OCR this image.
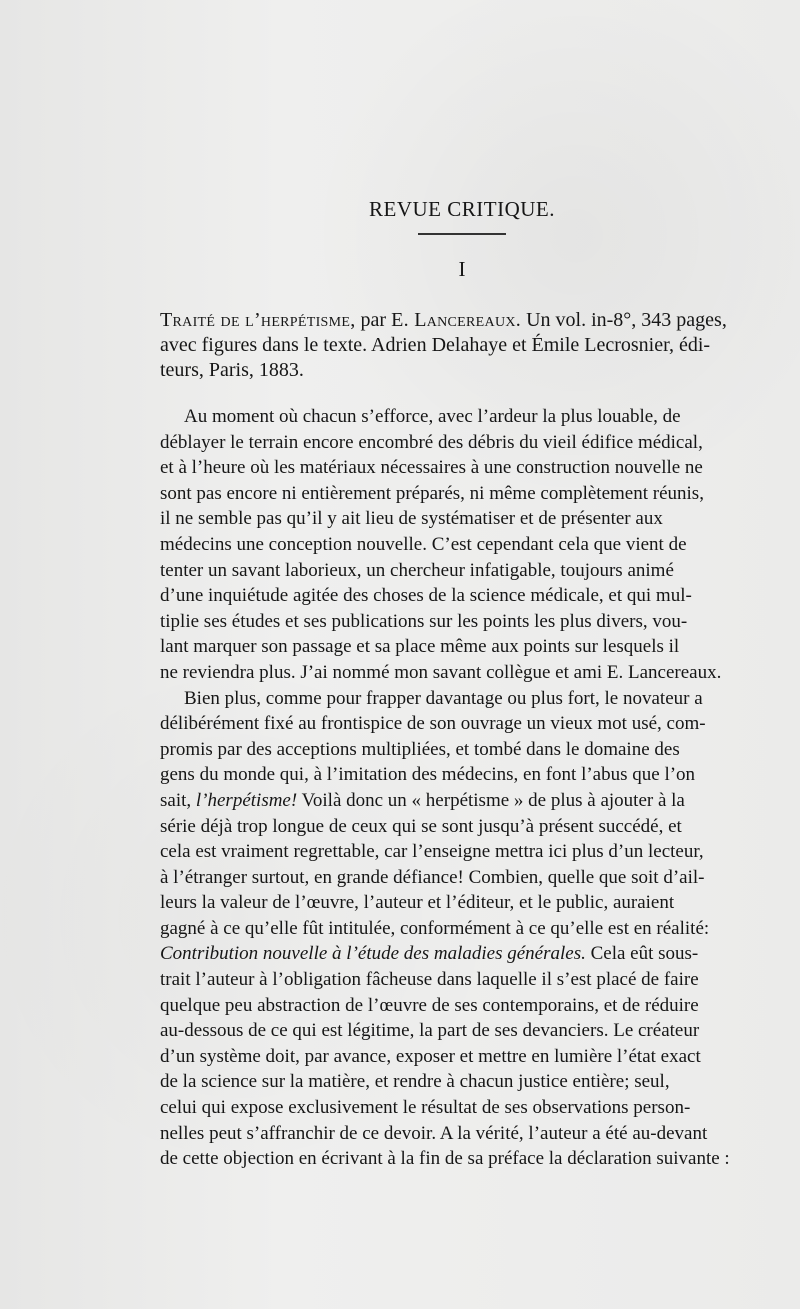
REVUE CRITIQUE.
I
Traité de l’herpétisme, par E. Lancereaux. Un vol. in-8°, 343 pages,
avec figures dans le texte. Adrien Delahaye et Émile Lecrosnier, édi-
teurs, Paris, 1883.
Au moment où chacun s’efforce, avec l’ardeur la plus louable, de
déblayer le terrain encore encombré des débris du vieil édifice médical,
et à l’heure où les matériaux nécessaires à une construction nouvelle ne
sont pas encore ni entièrement préparés, ni même complètement réunis,
il ne semble pas qu’il y ait lieu de systématiser et de présenter aux
médecins une conception nouvelle. C’est cependant cela que vient de
tenter un savant laborieux, un chercheur infatigable, toujours animé
d’une inquiétude agitée des choses de la science médicale, et qui mul-
tiplie ses études et ses publications sur les points les plus divers, vou-
lant marquer son passage et sa place même aux points sur lesquels il
ne reviendra plus. J’ai nommé mon savant collègue et ami E. Lancereaux.
Bien plus, comme pour frapper davantage ou plus fort, le novateur a
délibérément fixé au frontispice de son ouvrage un vieux mot usé, com-
promis par des acceptions multipliées, et tombé dans le domaine des
gens du monde qui, à l’imitation des médecins, en font l’abus que l’on
sait, l’herpétisme! Voilà donc un « herpétisme » de plus à ajouter à la
série déjà trop longue de ceux qui se sont jusqu’à présent succédé, et
cela est vraiment regrettable, car l’enseigne mettra ici plus d’un lecteur,
à l’étranger surtout, en grande défiance! Combien, quelle que soit d’ail-
leurs la valeur de l’œuvre, l’auteur et l’éditeur, et le public, auraient
gagné à ce qu’elle fût intitulée, conformément à ce qu’elle est en réalité:
Contribution nouvelle à l’étude des maladies générales. Cela eût sous-
trait l’auteur à l’obligation fâcheuse dans laquelle il s’est placé de faire
quelque peu abstraction de l’œuvre de ses contemporains, et de réduire
au-dessous de ce qui est légitime, la part de ses devanciers. Le créateur
d’un système doit, par avance, exposer et mettre en lumière l’état exact
de la science sur la matière, et rendre à chacun justice entière; seul,
celui qui expose exclusivement le résultat de ses observations person-
nelles peut s’affranchir de ce devoir. A la vérité, l’auteur a été au-devant
de cette objection en écrivant à la fin de sa préface la déclaration suivante :
